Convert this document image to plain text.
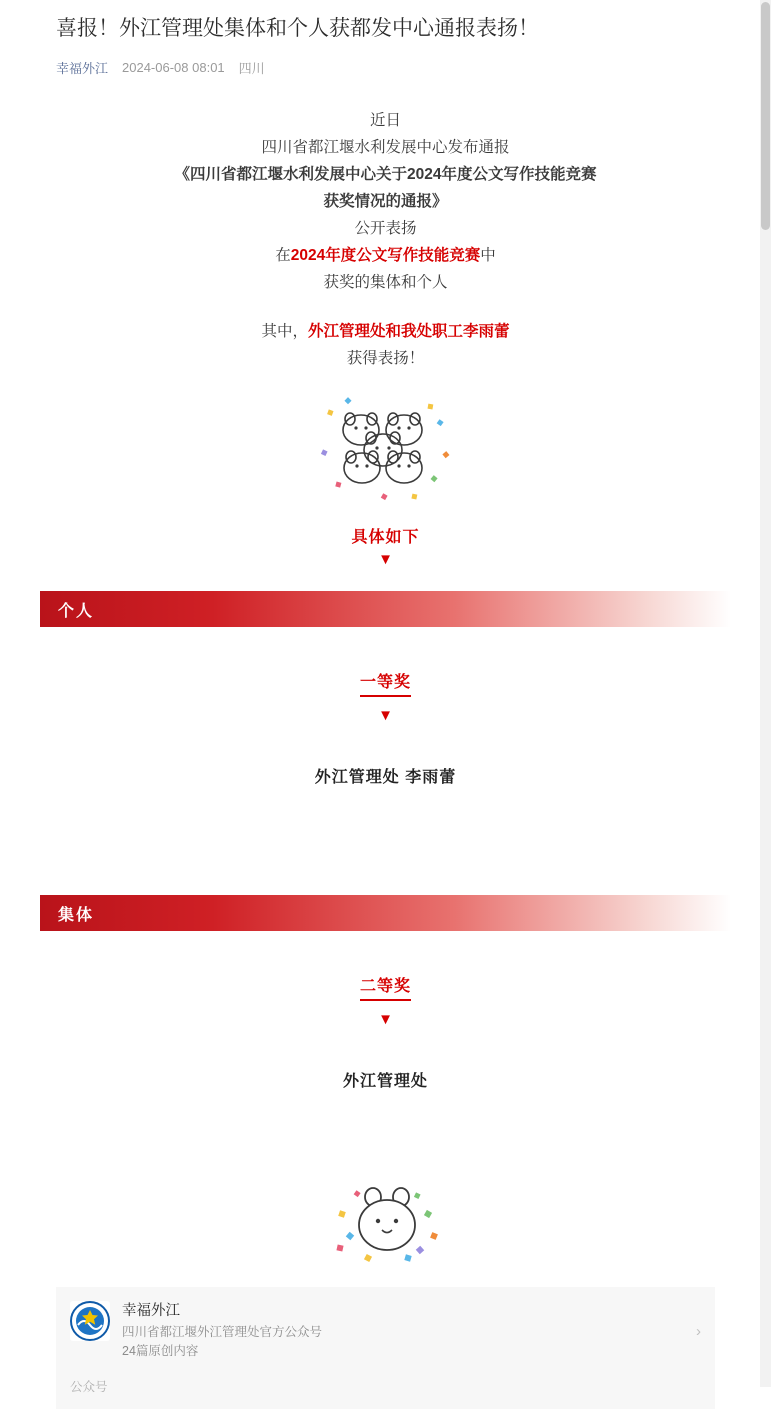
喜报！外江管理处集体和个人获都发中心通报表扬！
幸福外江 2024-06-08 08:01 四川

近日

四川省都江堰水利发展中心发布通报

《四川省都江堰水利发展中心关于2024年度公文写作技能竞赛

获奖情况的通报》

公开表扬

在2024年度公文写作技能竞赛中

获奖的集体和个人

其中，外江管理处和我处职工李雨蕾

获得表扬！

具体如下
▼
个人
一等奖
▼
外江管理处 李雨蕾
集体
二等奖
▼
外江管理处
幸福外江
四川省都江堰外江管理处官方公众号
24篇原创内容
›
公众号
